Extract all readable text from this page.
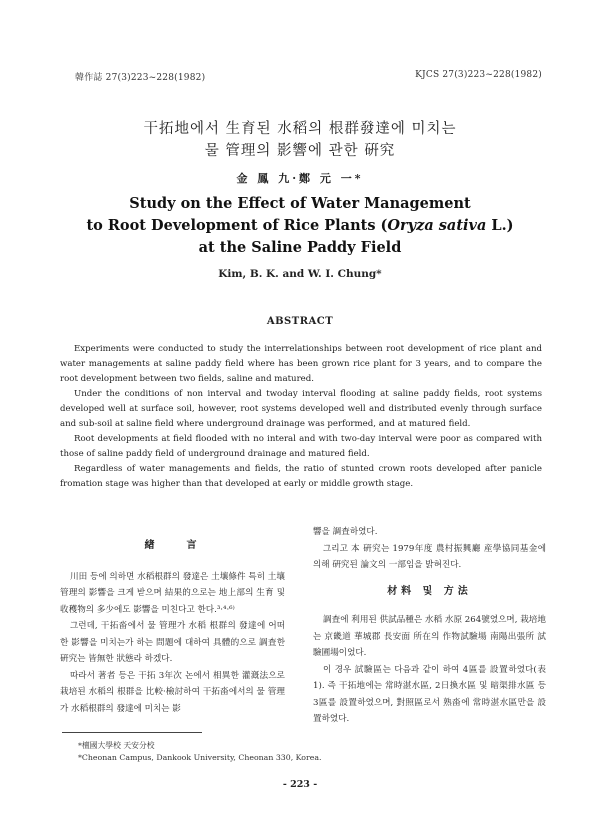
韓作誌 27(3)223~228(1982)	KJCS 27(3)223~228(1982)
干拓地에서 生育된 水稻의 根群發達에 미치는
물 管理의 影響에 관한 硏究
金 鳳 九·鄭 元 一*
Study on the Effect of Water Management
to Root Development of Rice Plants (Oryza sativa L.)
at the Saline Paddy Field
Kim, B. K. and W. I. Chung*
ABSTRACT

Experiments were conducted to study the interrelationships between root development of rice plant and water managements at saline paddy field where has been grown rice plant for 3 years, and to compare the root development between two fields, saline and matured.

Under the conditions of non interval and twoday interval flooding at saline paddy fields, root systems developed well at surface soil, however, root systems developed well and distributed evenly through surface and sub-soil at saline field where underground drainage was performed, and at matured field.

Root developments at field flooded with no interal and with two-day interval were poor as compared with those of saline paddy field of underground drainage and matured field.

Regardless of water managements and fields, the ratio of stunted crown roots developed after panicle fromation stage was higher than that developed at early or middle growth stage.

緖　　言

川田 등에 의하면 水稻根群의 發達은 土壤條件 특히 土壤 管理의 影響을 크게 받으며 結果的으로는 地上部의 生育 및 收穫物의 多少에도 影響을 미친다고 한다.³·⁴·⁶⁾

그런데, 干拓畓에서 물 管理가 水稻 根群의 發達에 어떠한 影響을 미치는가 하는 問題에 대하여 具體的으로 調査한 硏究는 皆無한 狀態라 하겠다.

따라서 著者 등은 干拓 3年次 논에서 相異한 灌漑法으로 栽培된 水稻의 根群을 比較·檢討하여 干拓畓에서의 물 管理가 水稻根群의 發達에 미치는 影

響을 調査하였다.

그리고 本 硏究는 1979年度 農村振興廳 産學協同基金에 의해 硏究된 論文의 一部임을 밝혀진다.

材料 및 方法

調査에 利用된 供試品種은 水稻 水原 264號였으며, 栽培地는 京畿道 華城郡 長安面 所在의 作物試驗場 南陽出張所 試驗圃場이었다.

이 경우 試驗區는 다음과 같이 하여 4區를 設置하였다(表 1). 즉 干拓地에는 常時湛水區, 2日換水區 및 暗渠排水區 등 3區를 設置하였으며, 對照區로서 熟畓에 常時湛水區만을 設置하였다.

*檀國大學校 天安分校
*Cheonan Campus, Dankook University, Cheonan 330, Korea.
- 223 -
